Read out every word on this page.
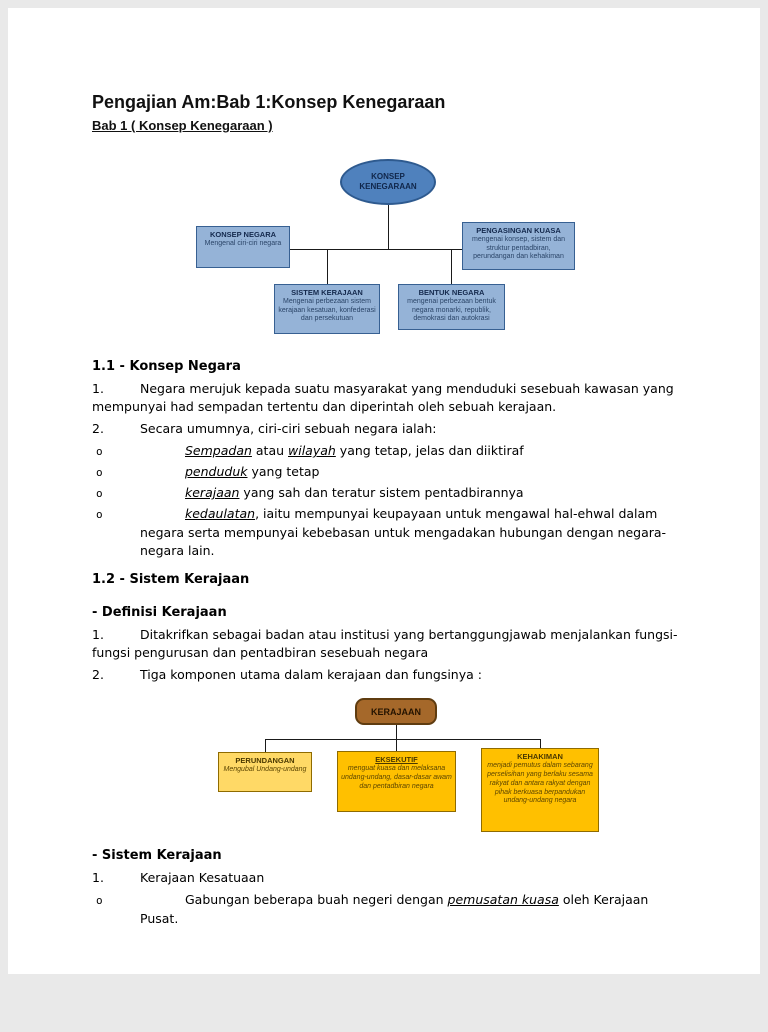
Pengajian Am:Bab 1:Konsep Kenegaraan
Bab 1 ( Konsep Kenegaraan )
KONSEP
KENEGARAAN
KONSEP NEGARA
Mengenal ciri-ciri negara
PENGASINGAN KUASA
mengenai konsep, sistem dan struktur pentadbiran, perundangan dan kehakiman
SISTEM KERAJAAN
Mengenai perbezaan sistem kerajaan kesatuan, konfederasi dan persekutuan
BENTUK NEGARA
mengenai perbezaan bentuk negara monarki, republik, demokrasi dan autokrasi
1.1 - Konsep Negara
1.	Negara merujuk kepada suatu masyarakat yang menduduki sesebuah kawasan yang mempunyai had sempadan tertentu dan diperintah oleh sebuah kerajaan.
2.	Secara umumnya, ciri-ciri sebuah negara ialah:
o	Sempadan atau wilayah yang tetap, jelas dan diiktiraf
o	penduduk yang tetap
o	kerajaan yang sah dan teratur sistem pentadbirannya
o	kedaulatan, iaitu mempunyai keupayaan untuk mengawal hal-ehwal dalam negara serta mempunyai kebebasan untuk mengadakan hubungan dengan negara-negara lain.
1.2 - Sistem Kerajaan
- Definisi Kerajaan
1.	Ditakrifkan sebagai badan atau institusi yang bertanggungjawab menjalankan fungsi-fungsi pengurusan dan pentadbiran sesebuah negara
2.	Tiga komponen utama dalam kerajaan dan fungsinya :
KERAJAAN
PERUNDANGAN
Mengubal Undang-undang
EKSEKUTIF
menguat kuasa dan melaksana undang-undang, dasar-dasar awam dan pentadbiran negara
KEHAKIMAN
menjadi pemutus dalam sebarang perselisihan yang berlaku sesama rakyat dan antara rakyat dengan pihak berkuasa berpandukan undang-undang negara
- Sistem Kerajaan
1.	Kerajaan Kesatuaan
o	Gabungan beberapa buah negeri dengan pemusatan kuasa oleh Kerajaan Pusat.
